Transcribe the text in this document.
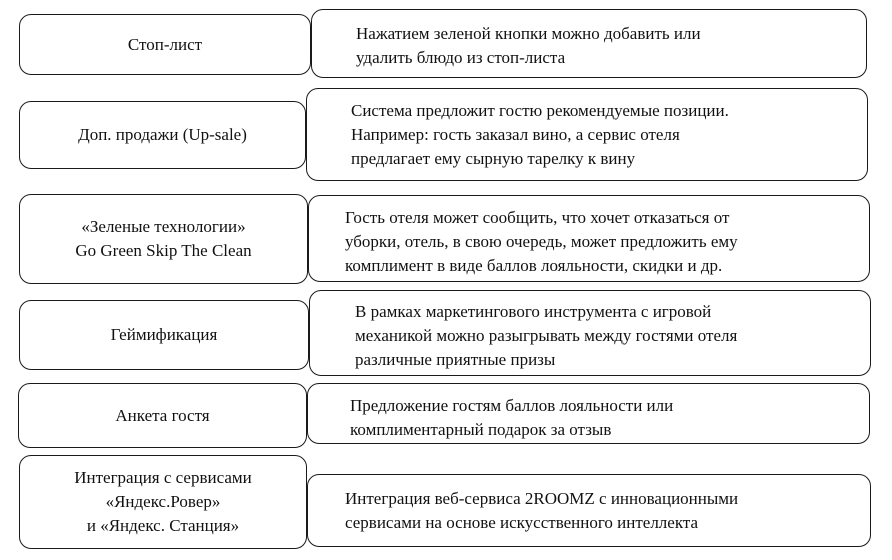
Стоп-лист
Нажатием зеленой кнопки можно добавить или
удалить блюдо из стоп-листа
Доп. продажи (Up-sale)
Система предложит гостю рекомендуемые позиции.
Например: гость заказал вино, а сервис отеля
предлагает ему сырную тарелку к вину
«Зеленые технологии»
Go Green Skip The Clean
Гость отеля может сообщить, что хочет отказаться от
уборки, отель, в свою очередь, может предложить ему
комплимент в виде баллов лояльности, скидки и др.
Геймификация
В рамках маркетингового инструмента с игровой
механикой можно разыгрывать между гостями отеля
различные приятные призы
Анкета гостя	Предложение гостям баллов лояльности или
комплиментарный подарок за отзыв
Интеграция с сервисами
«Яндекс.Ровер»
и «Яндекс. Станция»
Интеграция веб-сервиса 2ROOMZ с инновационными
сервисами на основе искусственного интеллекта
